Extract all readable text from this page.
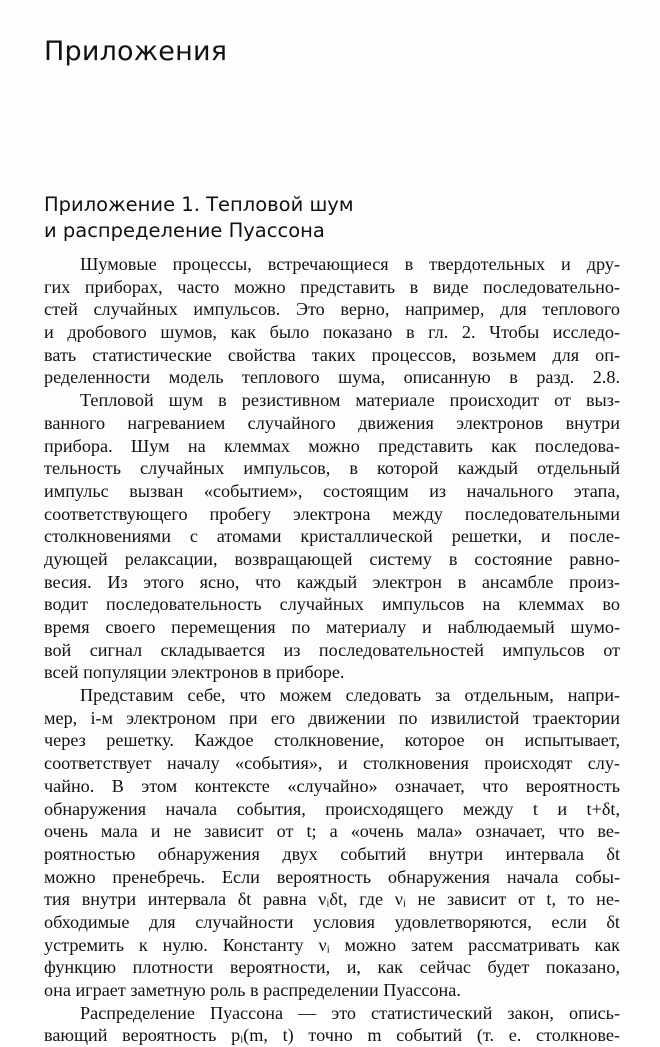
Приложения
Приложение 1. Тепловой шум
и распределение Пуассона
Шумовые процессы, встречающиеся в твердотельных и дру-
гих приборах, часто можно представить в виде последовательно-
стей случайных импульсов. Это верно, например, для теплового
и дробового шумов, как было показано в гл. 2. Чтобы исследо-
вать статистические свойства таких процессов, возьмем для оп-
ределенности модель теплового шума, описанную в разд. 2.8.
Тепловой шум в резистивном материале происходит от выз-
ванного нагреванием случайного движения электронов внутри
прибора. Шум на клеммах можно представить как последова-
тельность случайных импульсов, в которой каждый отдельный
импульс вызван «событием», состоящим из начального этапа,
соответствующего пробегу электрона между последовательными
столкновениями с атомами кристаллической решетки, и после-
дующей релаксации, возвращающей систему в состояние равно-
весия. Из этого ясно, что каждый электрон в ансамбле произ-
водит последовательность случайных импульсов на клеммах во
время своего перемещения по материалу и наблюдаемый шумо-
вой сигнал складывается из последовательностей импульсов от
всей популяции электронов в приборе.
Представим себе, что можем следовать за отдельным, напри-
мер, i-м электроном при его движении по извилистой траектории
через решетку. Каждое столкновение, которое он испытывает,
соответствует началу «события», и столкновения происходят слу-
чайно. В этом контексте «случайно» означает, что вероятность
обнаружения начала события, происходящего между t и t+δt,
очень мала и не зависит от t; а «очень мала» означает, что ве-
роятностью обнаружения двух событий внутри интервала δt
можно пренебречь. Если вероятность обнаружения начала собы-
тия внутри интервала δt равна νᵢδt, где νᵢ не зависит от t, то не-
обходимые для случайности условия удовлетворяются, если δt
устремить к нулю. Константу νᵢ можно затем рассматривать как
функцию плотности вероятности, и, как сейчас будет показано,
она играет заметную роль в распределении Пуассона.
Распределение Пуассона — это статистический закон, опись-
вающий вероятность pᵢ(m, t) точно m событий (т. е. столкнове-
